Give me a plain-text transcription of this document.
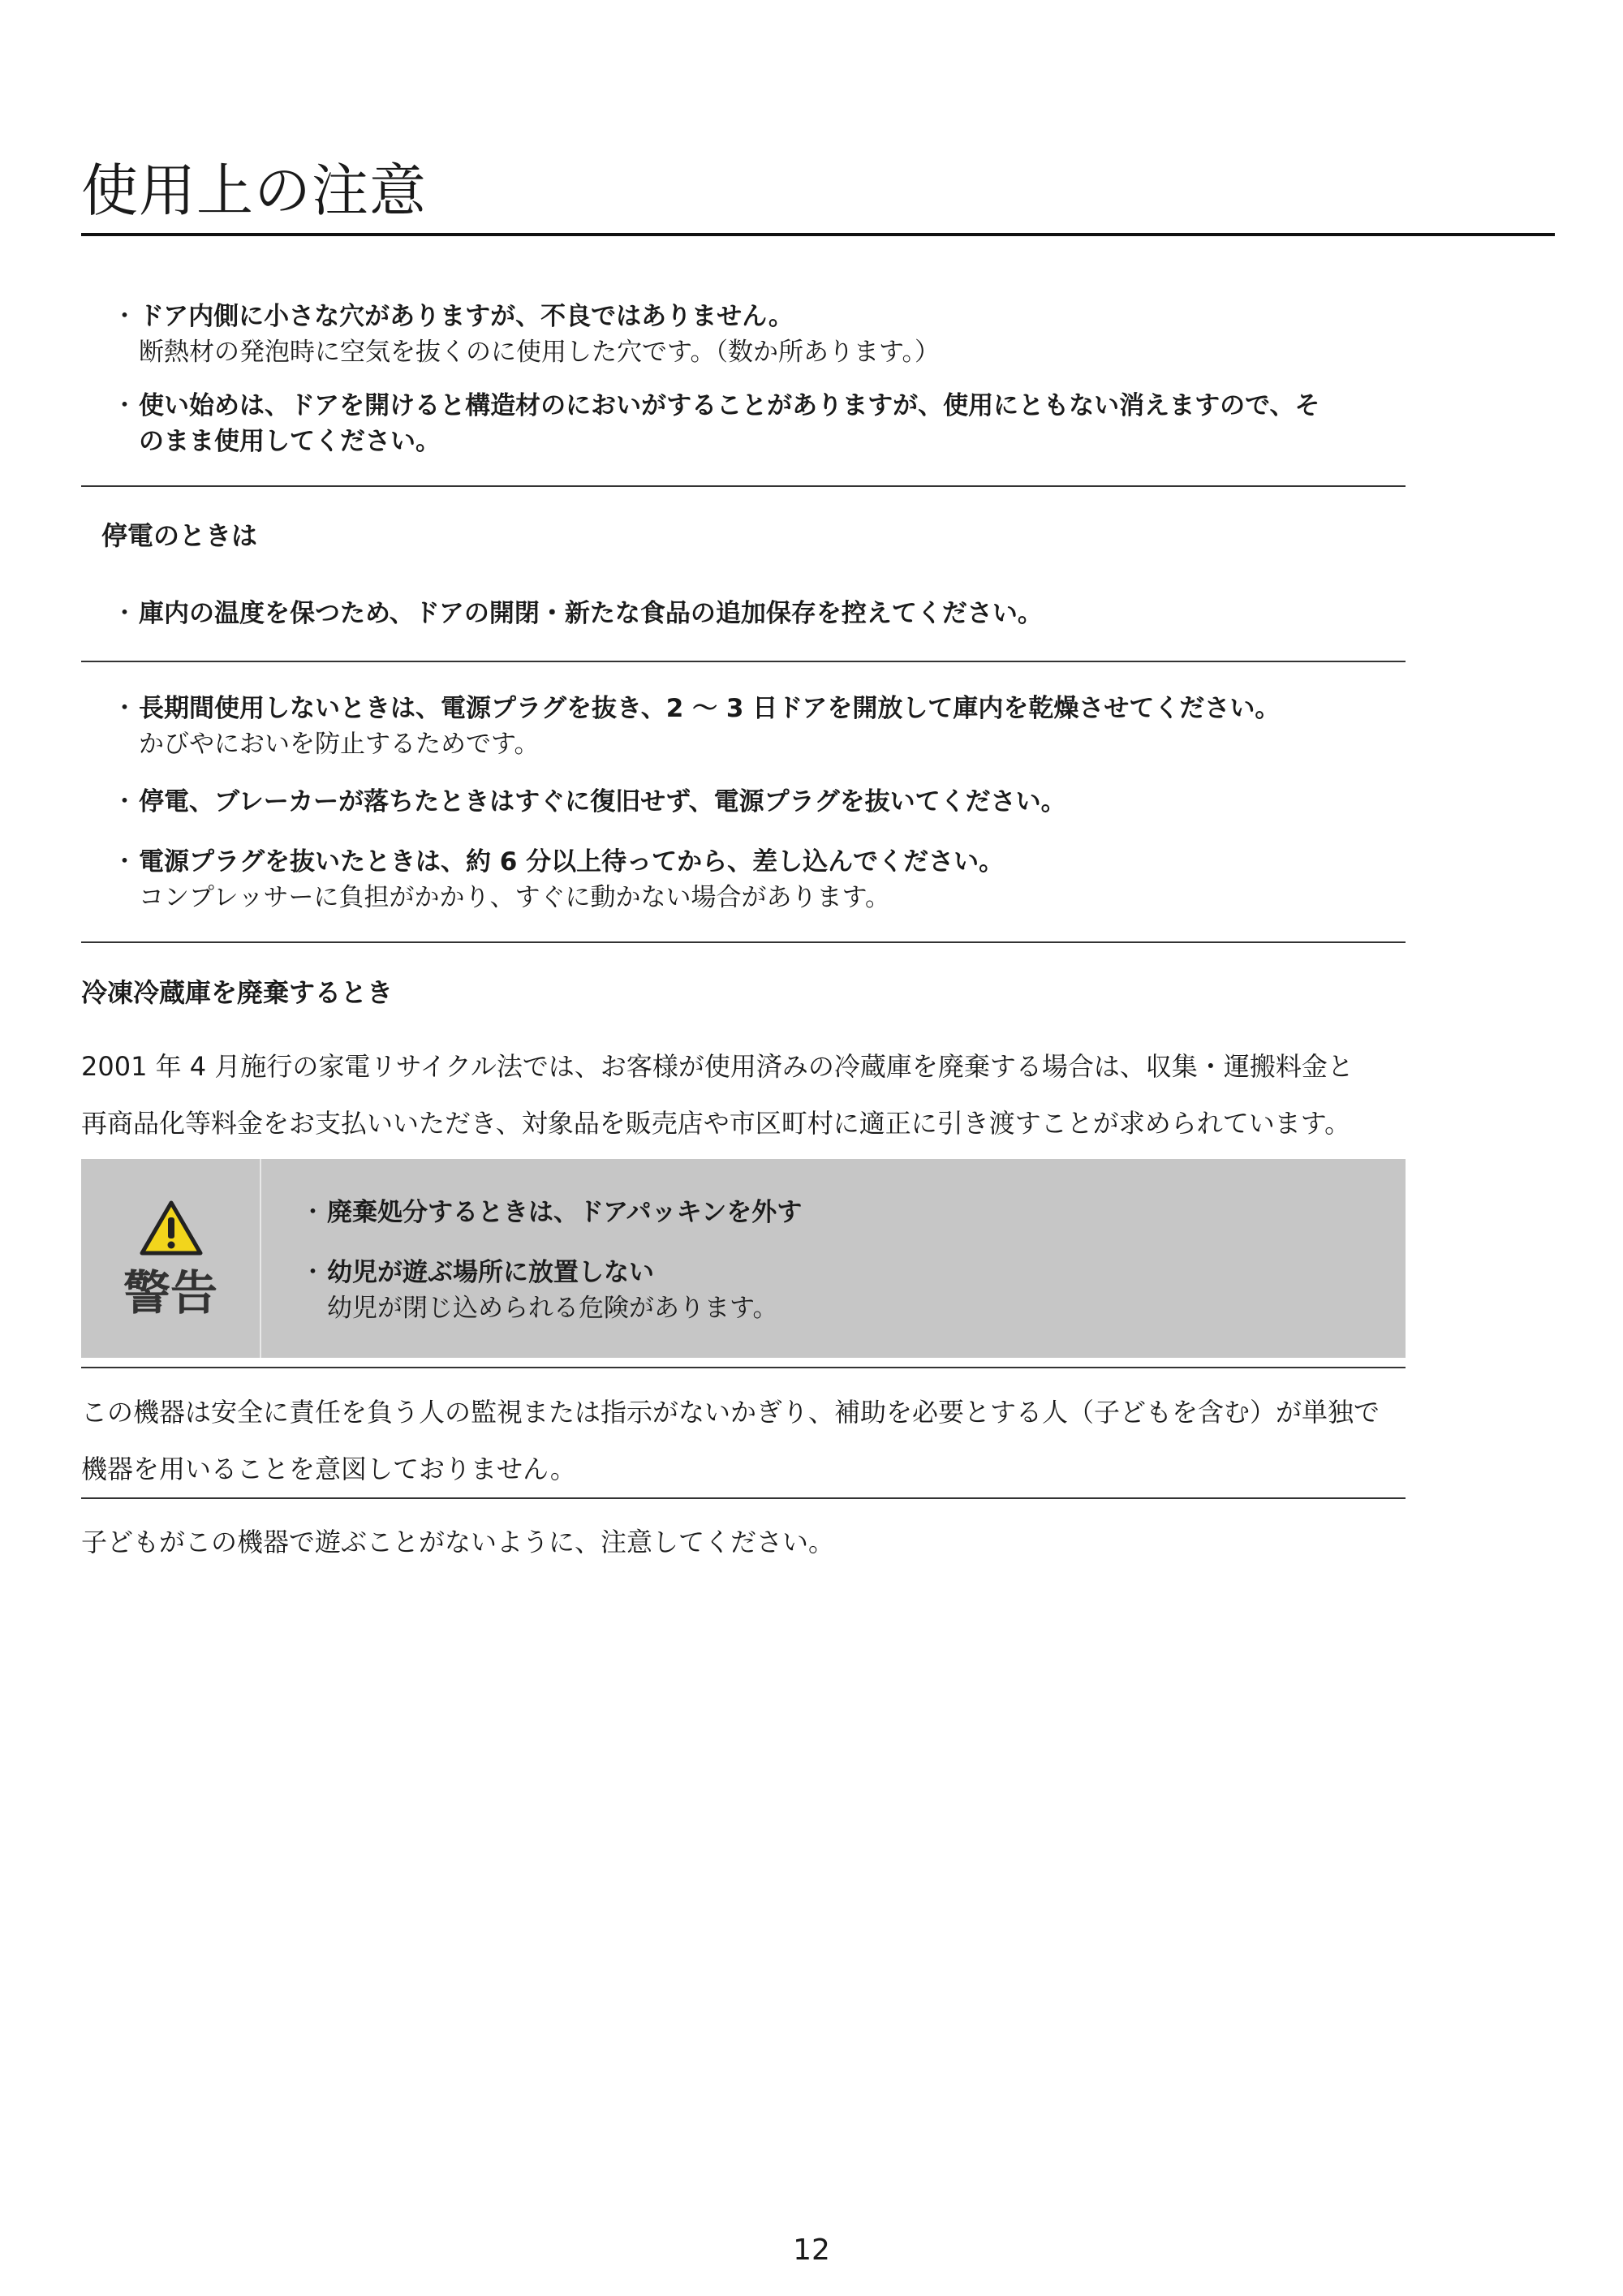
使用上の注意
・ ドア内側に小さな穴がありますが、不良ではありません。
断熱材の発泡時に空気を抜くのに使用した穴です。（数か所あります。）
・ 使い始めは、ドアを開けると構造材のにおいがすることがありますが、使用にともない消えますので、そ
のまま使用してください。
停電のときは
・ 庫内の温度を保つため、ドアの開閉・新たな食品の追加保存を控えてください。
・ 長期間使用しないときは、電源プラグを抜き、2 ～ 3 日ドアを開放して庫内を乾燥させてください。
かびやにおいを防止するためです。
・ 停電、ブレーカーが落ちたときはすぐに復旧せず、電源プラグを抜いてください。
・ 電源プラグを抜いたときは、約 6 分以上待ってから、差し込んでください。
コンプレッサーに負担がかかり、すぐに動かない場合があります。
冷凍冷蔵庫を廃棄するとき
2001 年 4 月施行の家電リサイクル法では、お客様が使用済みの冷蔵庫を廃棄する場合は、収集・運搬料金と
再商品化等料金をお支払いいただき、対象品を販売店や市区町村に適正に引き渡すことが求められています。
警告
・ 廃棄処分するときは、ドアパッキンを外す
・ 幼児が遊ぶ場所に放置しない
幼児が閉じ込められる危険があります。
この機器は安全に責任を負う人の監視または指示がないかぎり、補助を必要とする人（子どもを含む）が単独で
機器を用いることを意図しておりません。
子どもがこの機器で遊ぶことがないように、注意してください。
12
